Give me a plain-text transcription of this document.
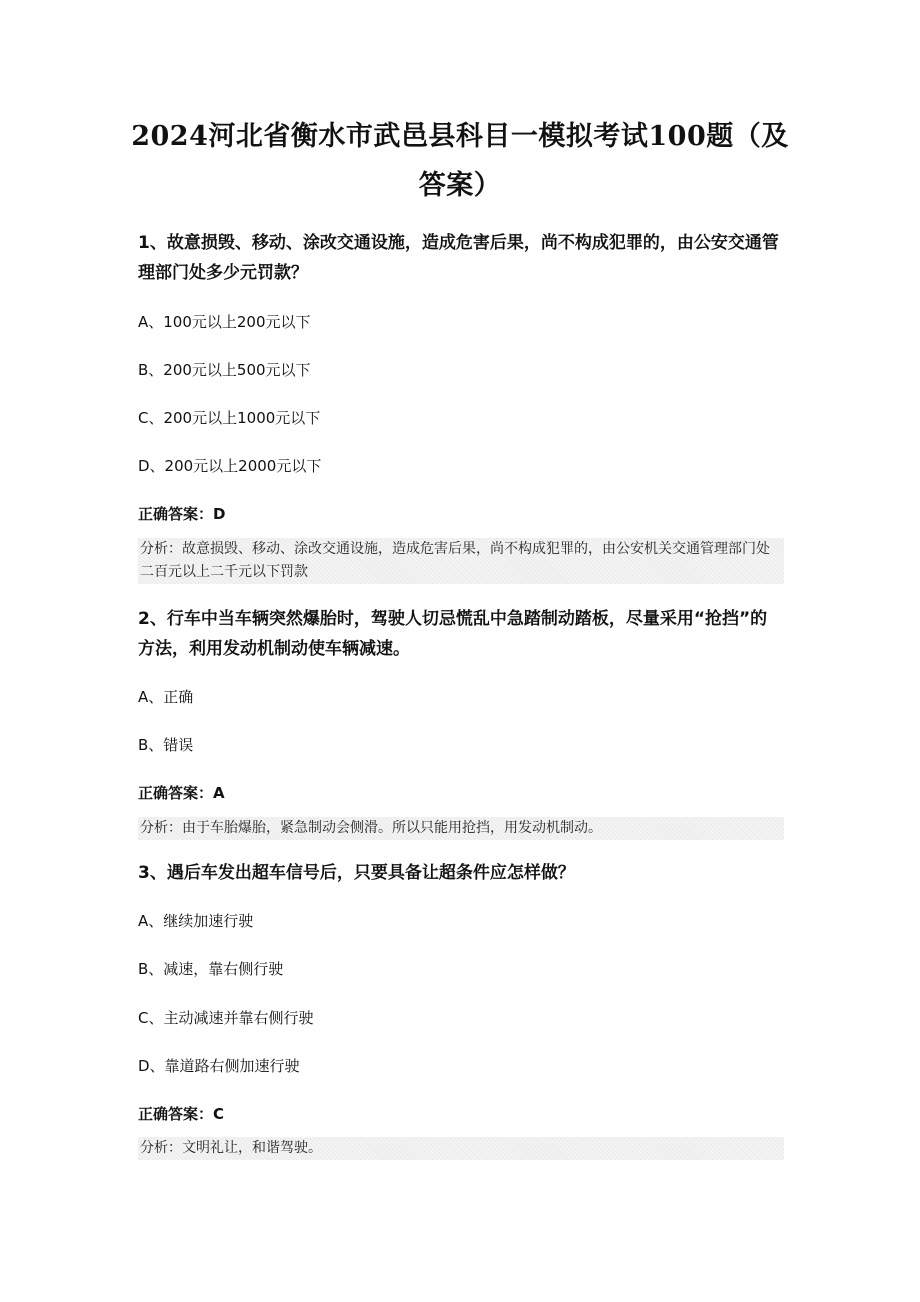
2024河北省衡水市武邑县科目一模拟考试100题（及答案）
1、故意损毁、移动、涂改交通设施，造成危害后果，尚不构成犯罪的，由公安交通管理部门处多少元罚款？
A、100元以上200元以下
B、200元以上500元以下
C、200元以上1000元以下
D、200元以上2000元以下
正确答案：D
分析：故意损毁、移动、涂改交通设施，造成危害后果，尚不构成犯罪的，由公安机关交通管理部门处二百元以上二千元以下罚款
2、行车中当车辆突然爆胎时，驾驶人切忌慌乱中急踏制动踏板，尽量采用“抢挡”的方法，利用发动机制动使车辆减速。
A、正确
B、错误
正确答案：A
分析：由于车胎爆胎，紧急制动会侧滑。所以只能用抢挡，用发动机制动。
3、遇后车发出超车信号后，只要具备让超条件应怎样做？
A、继续加速行驶
B、减速，靠右侧行驶
C、主动减速并靠右侧行驶
D、靠道路右侧加速行驶
正确答案：C
分析：文明礼让，和谐驾驶。
